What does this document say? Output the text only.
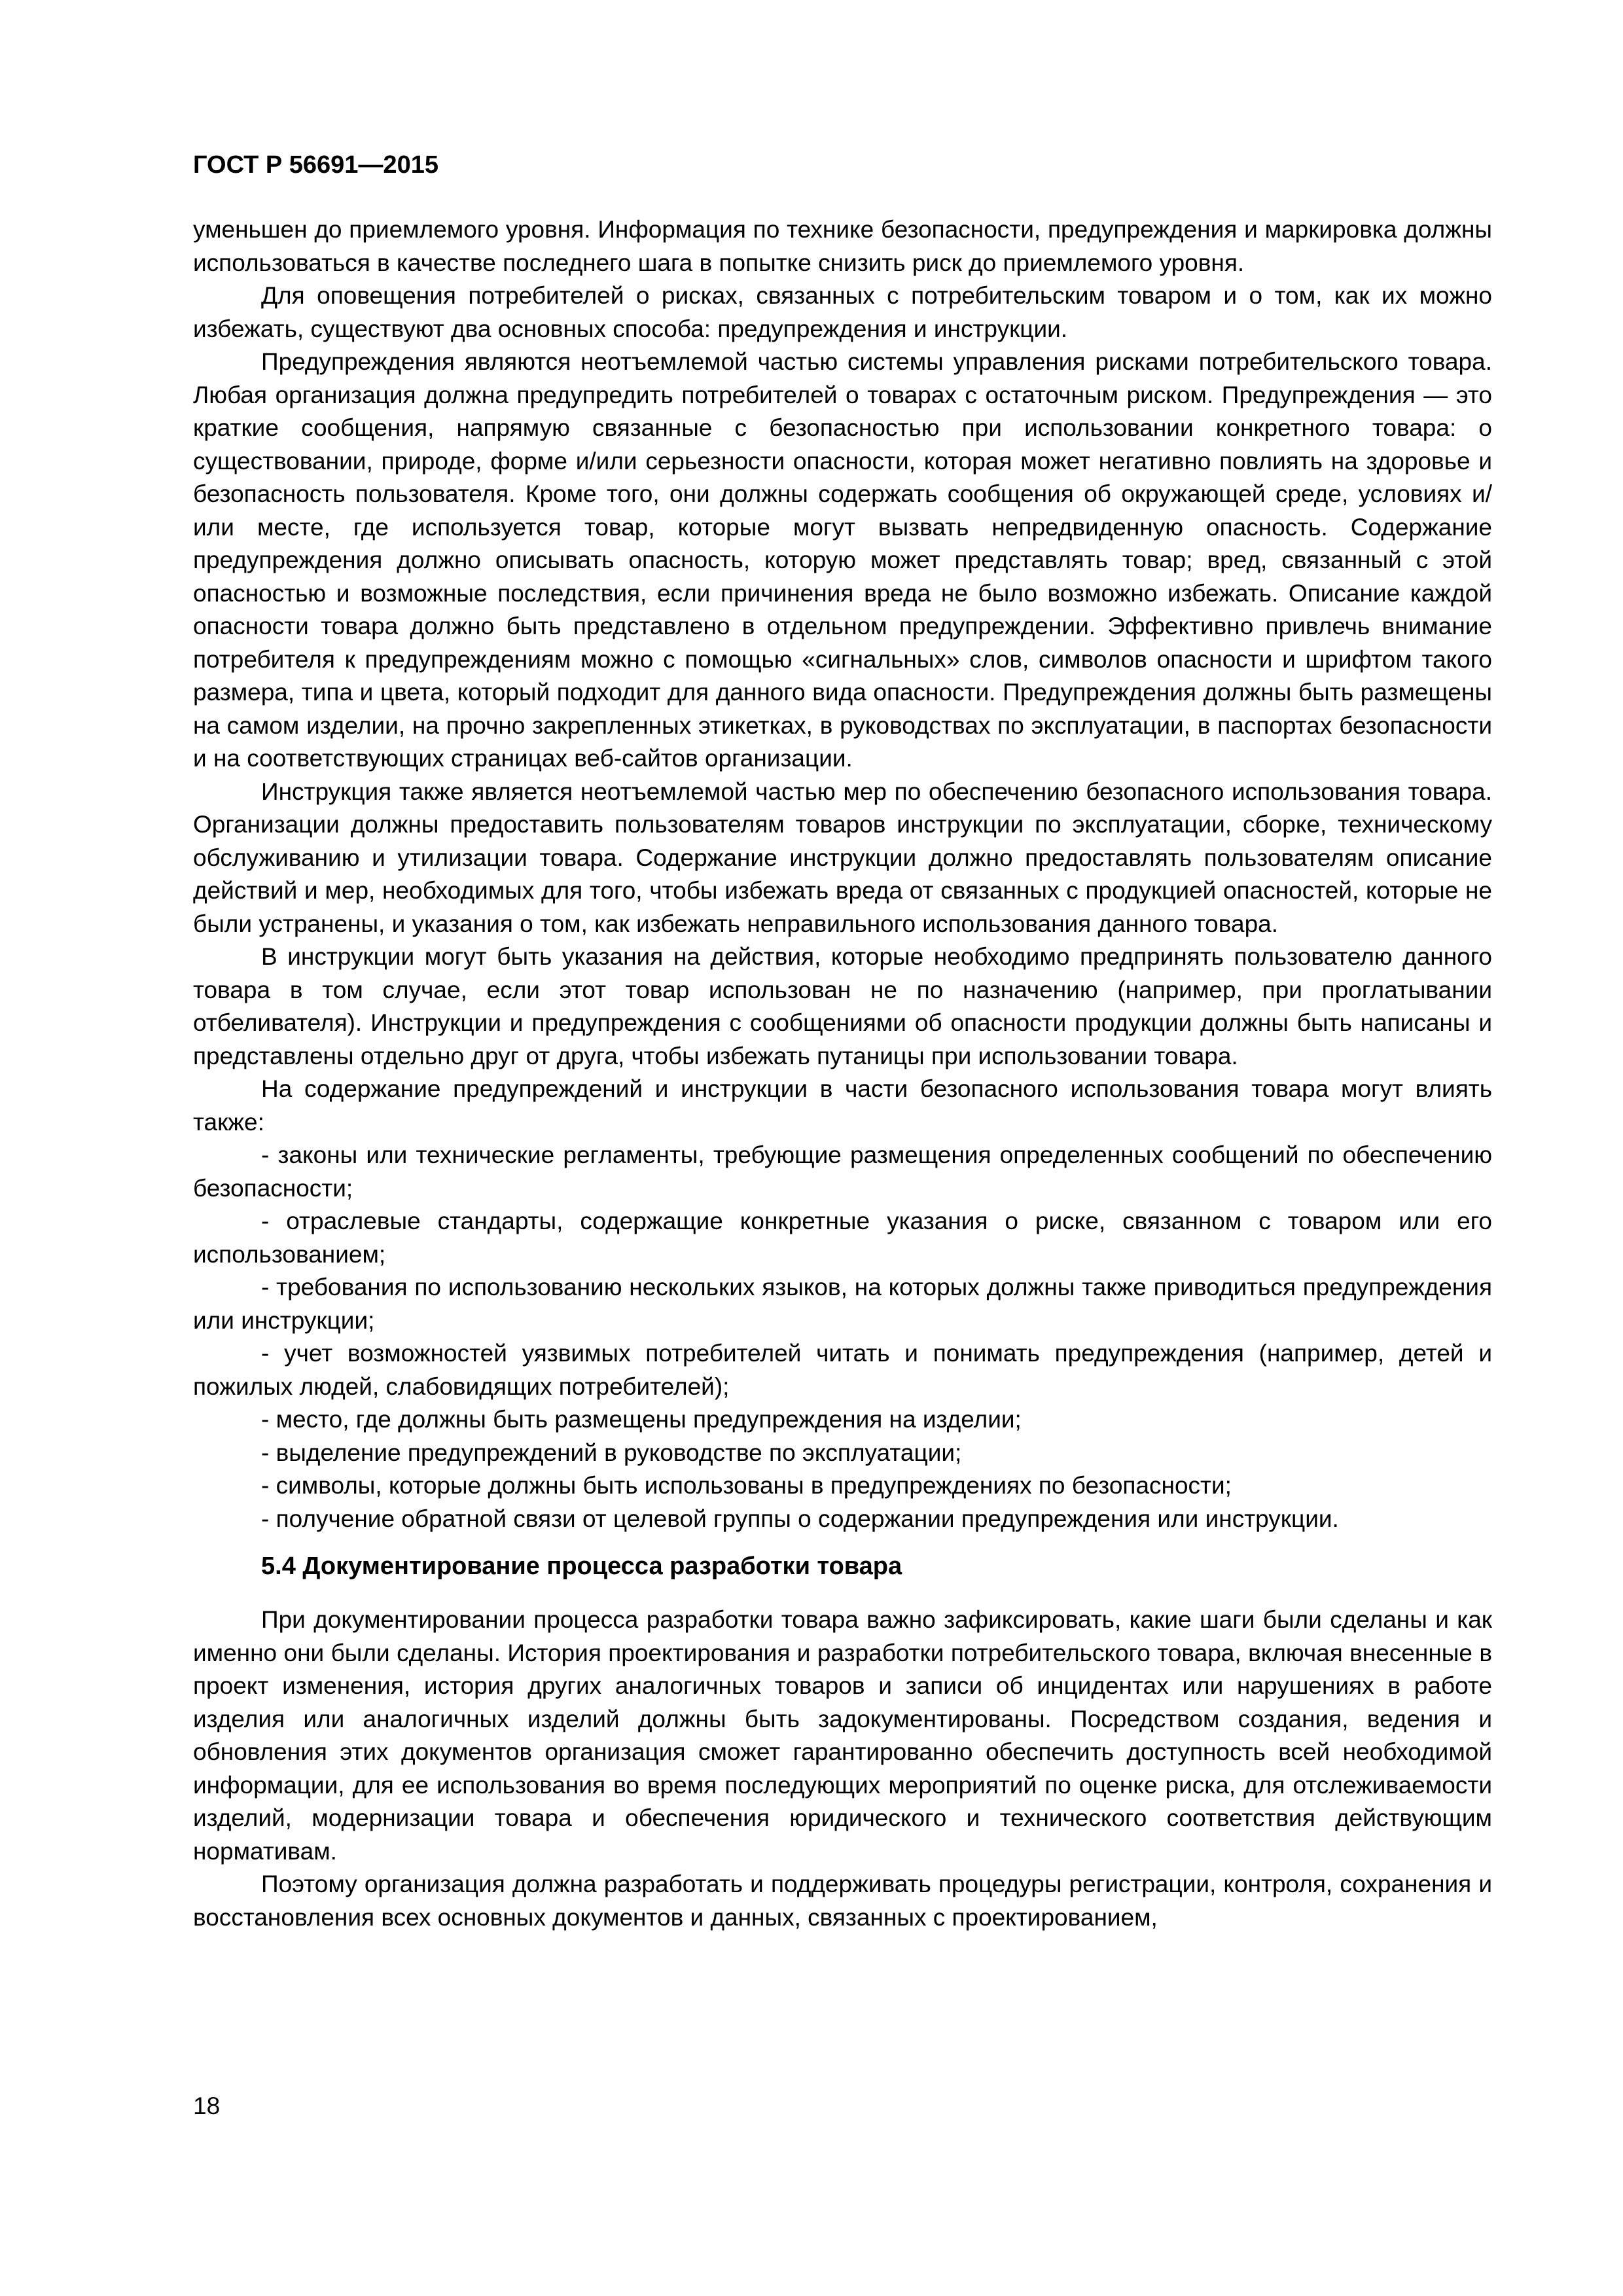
ГОСТ Р 56691—2015

уменьшен до приемлемого уровня. Информация по технике безопасности, предупреждения и маркировка должны использоваться в качестве последнего шага в попытке снизить риск до приемлемого уровня.

Для оповещения потребителей о рисках, связанных с потребительским товаром и о том, как их можно избежать, существуют два основных способа: предупреждения и инструкции.

Предупреждения являются неотъемлемой частью системы управления рисками потребительского товара. Любая организация должна предупредить потребителей о товарах с остаточным риском. Предупреждения — это краткие сообщения, напрямую связанные с безопасностью при использовании конкретного товара: о существовании, природе, форме и/или серьезности опасности, которая может негативно повлиять на здоровье и безопасность пользователя. Кроме того, они должны содержать сообщения об окружающей среде, условиях и/или месте, где используется товар, которые могут вызвать непредвиденную опасность. Содержание предупреждения должно описывать опасность, которую может представлять товар; вред, связанный с этой опасностью и возможные последствия, если причинения вреда не было возможно избежать. Описание каждой опасности товара должно быть представлено в отдельном предупреждении. Эффективно привлечь внимание потребителя к предупреждениям можно с помощью «сигнальных» слов, символов опасности и шрифтом такого размера, типа и цвета, который подходит для данного вида опасности. Предупреждения должны быть размещены на самом изделии, на прочно закрепленных этикетках, в руководствах по эксплуатации, в паспортах безопасности и на соответствующих страницах веб-сайтов организации.

Инструкция также является неотъемлемой частью мер по обеспечению безопасного использования товара. Организации должны предоставить пользователям товаров инструкции по эксплуатации, сборке, техническому обслуживанию и утилизации товара. Содержание инструкции должно предоставлять пользователям описание действий и мер, необходимых для того, чтобы избежать вреда от связанных с продукцией опасностей, которые не были устранены, и указания о том, как избежать неправильного использования данного товара.

В инструкции могут быть указания на действия, которые необходимо предпринять пользователю данного товара в том случае, если этот товар использован не по назначению (например, при проглатывании отбеливателя). Инструкции и предупреждения с сообщениями об опасности продукции должны быть написаны и представлены отдельно друг от друга, чтобы избежать путаницы при использовании товара.

На содержание предупреждений и инструкции в части безопасного использования товара могут влиять также:

- законы или технические регламенты, требующие размещения определенных сообщений по обеспечению безопасности;

- отраслевые стандарты, содержащие конкретные указания о риске, связанном с товаром или его использованием;

- требования по использованию нескольких языков, на которых должны также приводиться предупреждения или инструкции;

- учет возможностей уязвимых потребителей читать и понимать предупреждения (например, детей и пожилых людей, слабовидящих потребителей);

- место, где должны быть размещены предупреждения на изделии;

- выделение предупреждений в руководстве по эксплуатации;

- символы, которые должны быть использованы в предупреждениях по безопасности;

- получение обратной связи от целевой группы о содержании предупреждения или инструкции.

5.4 Документирование процесса разработки товара

При документировании процесса разработки товара важно зафиксировать, какие шаги были сделаны и как именно они были сделаны. История проектирования и разработки потребительского товара, включая внесенные в проект изменения, история других аналогичных товаров и записи об инцидентах или нарушениях в работе изделия или аналогичных изделий должны быть задокументированы. Посредством создания, ведения и обновления этих документов организация сможет гарантированно обеспечить доступность всей необходимой информации, для ее использования во время последующих мероприятий по оценке риска, для отслеживаемости изделий, модернизации товара и обеспечения юридического и технического соответствия действующим нормативам.

Поэтому организация должна разработать и поддерживать процедуры регистрации, контроля, сохранения и восстановления всех основных документов и данных, связанных с проектированием,

18
